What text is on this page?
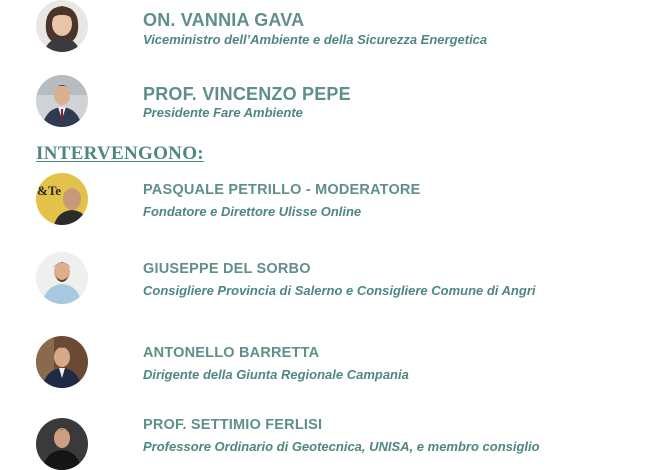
ON. VANNIA GAVA
Viceministro dell’Ambiente e della Sicurezza Energetica
PROF. VINCENZO PEPE
Presidente Fare Ambiente
INTERVENGONO:
&Te	PASQUALE PETRILLO - MODERATORE
Fondatore e Direttore Ulisse Online
GIUSEPPE DEL SORBO
Consigliere Provincia di Salerno e Consigliere Comune di Angri
ANTONELLO BARRETTA
Dirigente della Giunta Regionale Campania
PROF. SETTIMIO FERLISI
Professore Ordinario di Geotecnica, UNISA, e membro consiglio
